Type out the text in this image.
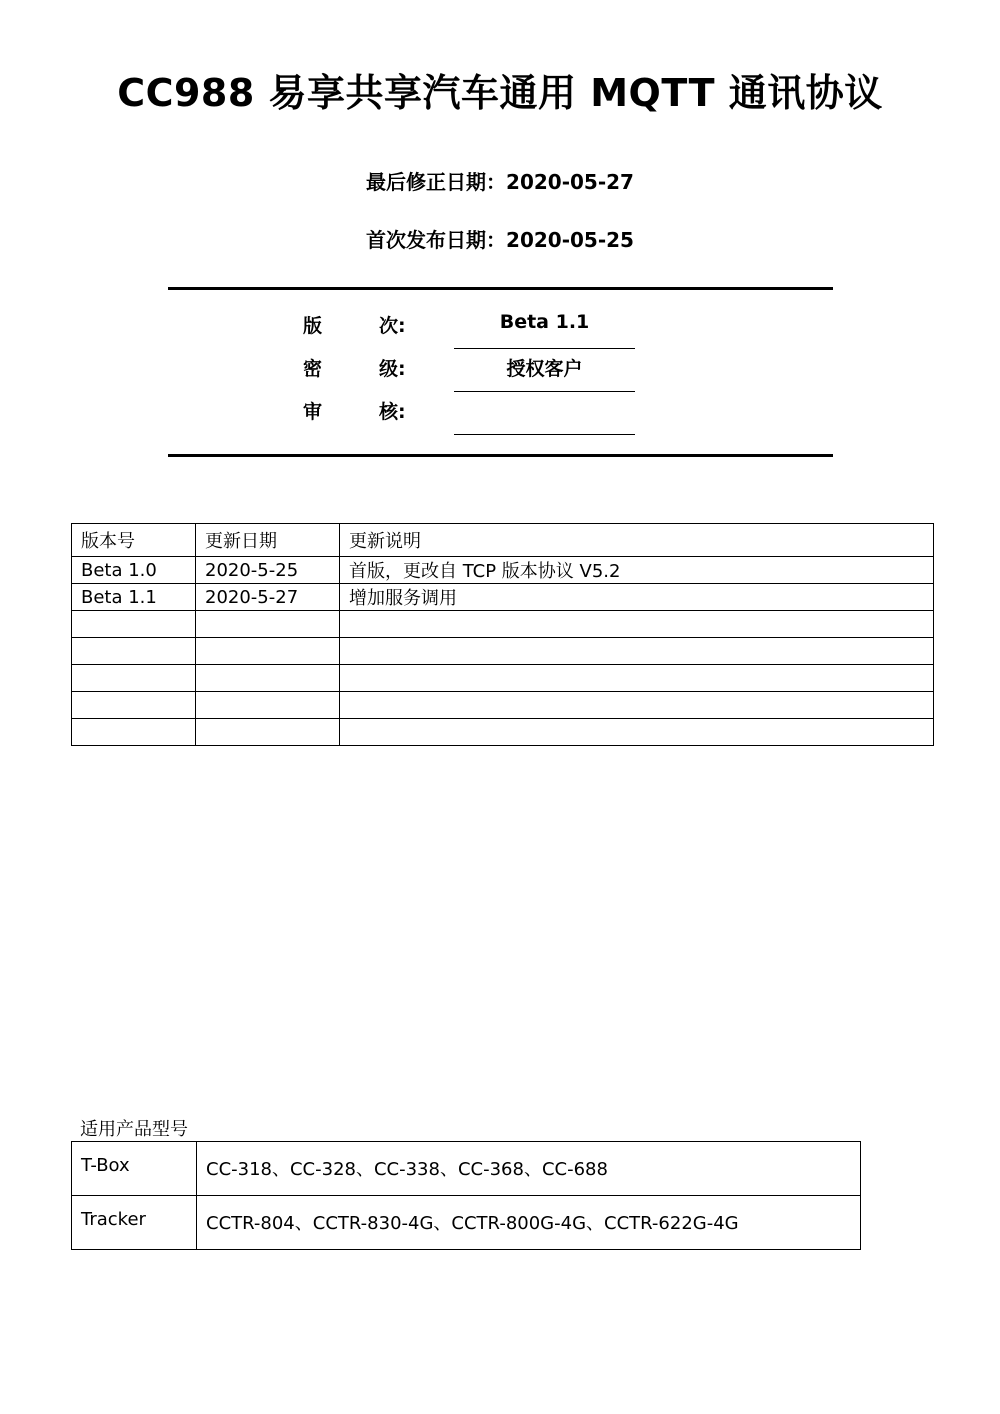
CC988 易享共享汽车通用 MQTT 通讯协议
最后修正日期：2020-05-27
首次发布日期：2020-05-25
版	次:	Beta 1.1
密	级:	授权客户
审	核:
版本号	更新日期	更新说明
Beta 1.0	2020-5-25	首版，更改自 TCP 版本协议 V5.2
Beta 1.1	2020-5-27	增加服务调用

适用产品型号
T-Box	CC-318、CC-328、CC-338、CC-368、CC-688
Tracker	CCTR-804、CCTR-830-4G、CCTR-800G-4G、CCTR-622G-4G
